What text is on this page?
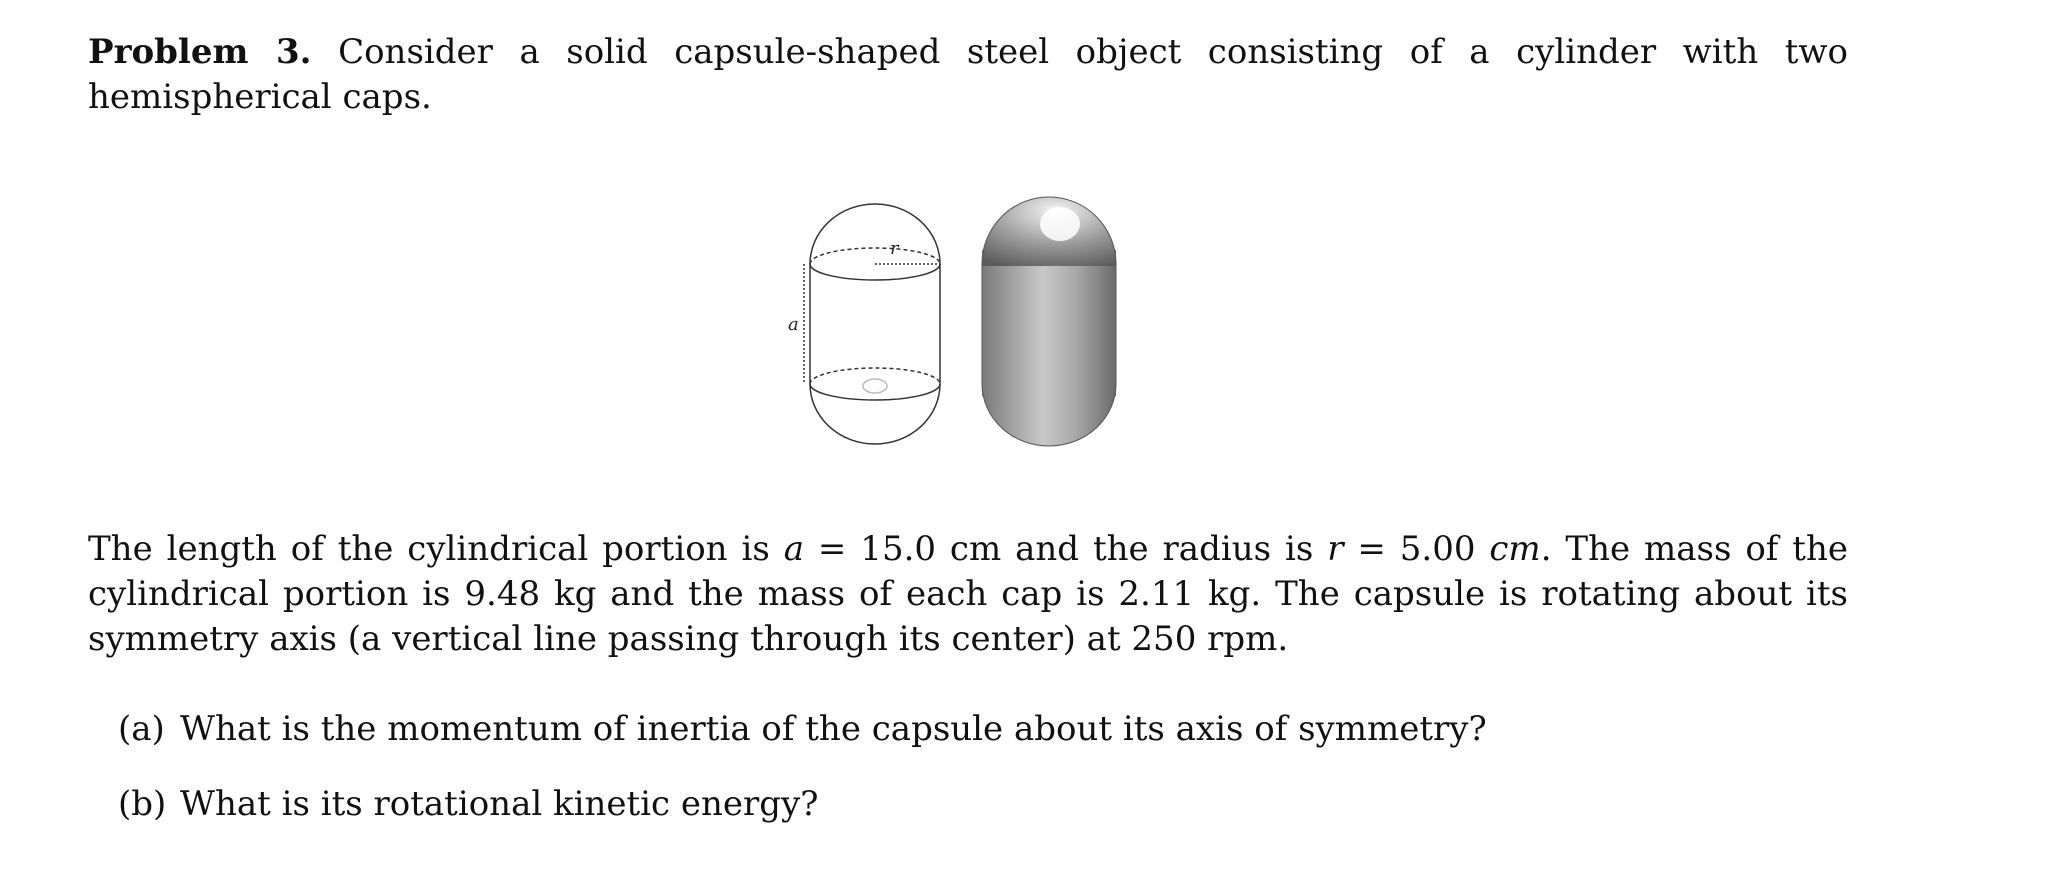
Problem 3. Consider a solid capsule-shaped steel object consisting of a cylinder with two hemispherical caps.

r
a

The length of the cylindrical portion is a = 15.0 cm and the radius is r = 5.00 cm. The mass of the cylindrical portion is 9.48 kg and the mass of each cap is 2.11 kg. The capsule is rotating about its symmetry axis (a vertical line passing through its center) at 250 rpm.

(a) What is the momentum of inertia of the capsule about its axis of symmetry?
(b) What is its rotational kinetic energy?
